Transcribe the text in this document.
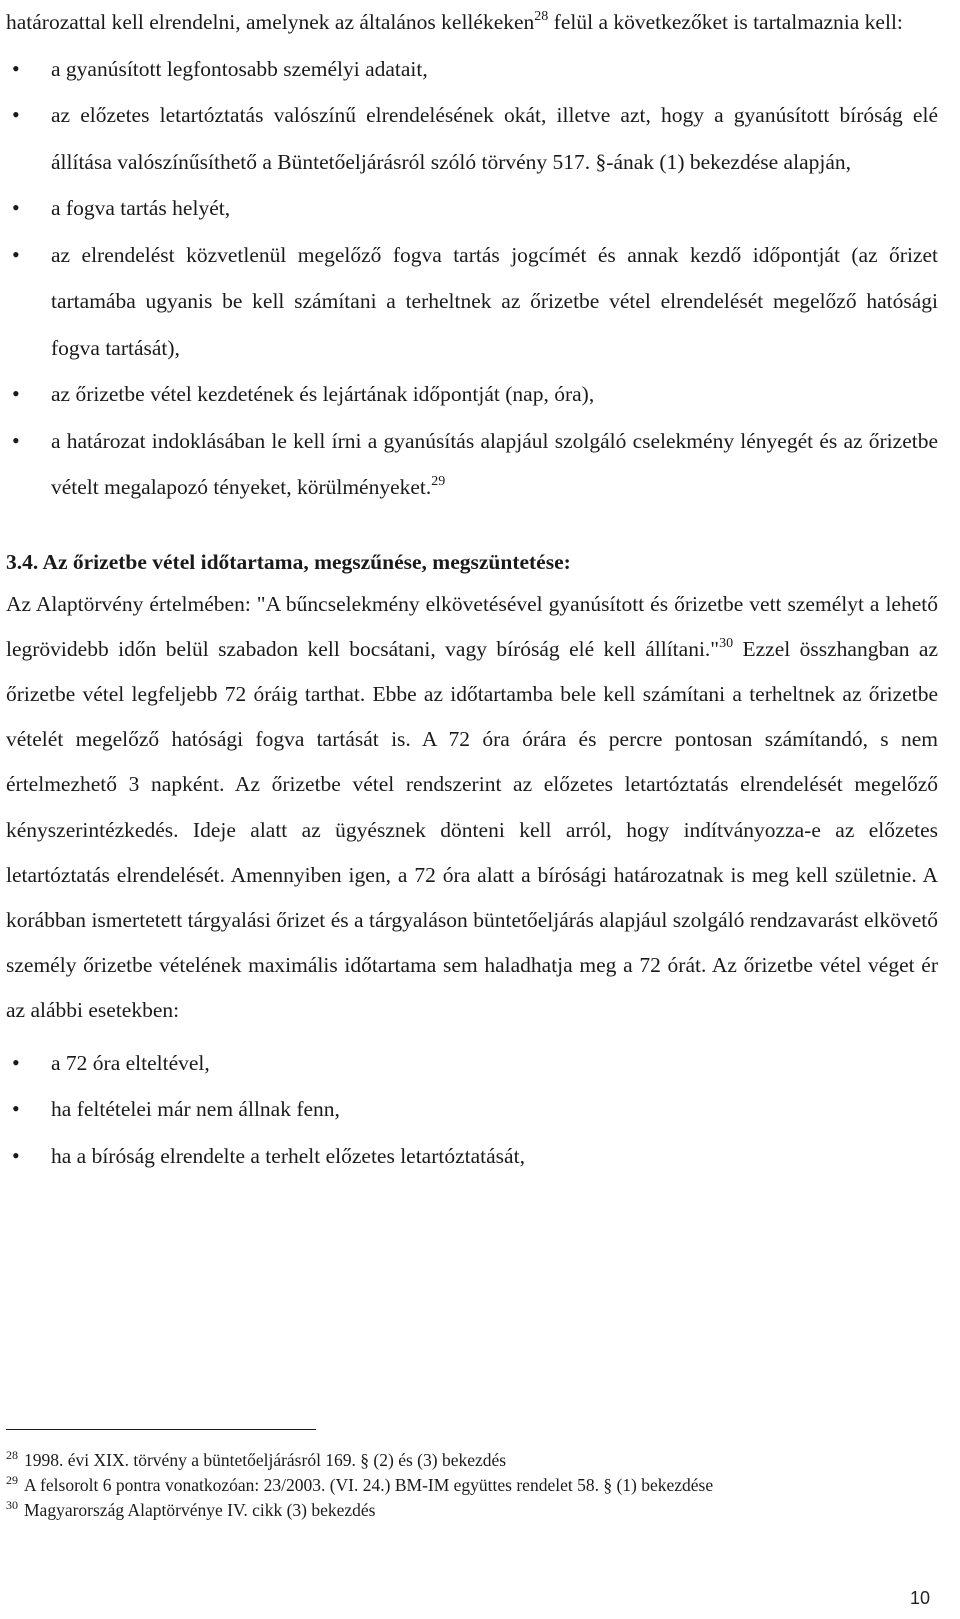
határozattal kell elrendelni, amelynek az általános kellékeken$^{28}$ felül a következőket is tartalmaznia kell:

• a gyanúsított legfontosabb személyi adatait,
• az előzetes letartóztatás valószínű elrendelésének okát, illetve azt, hogy a gyanúsított bíróság elé állítása valószínűsíthető a Büntetőeljárásról szóló törvény 517. §-ának (1) bekezdése alapján,
• a fogva tartás helyét,
• az elrendelést közvetlenül megelőző fogva tartás jogcímét és annak kezdő időpontját (az őrizet tartamába ugyanis be kell számítani a terheltnek az őrizetbe vétel elrendelését megelőző hatósági fogva tartását),
• az őrizetbe vétel kezdetének és lejártának időpontját (nap, óra),
• a határozat indoklásában le kell írni a gyanúsítás alapjául szolgáló cselekmény lényegét és az őrizetbe vételt megalapozó tényeket, körülményeket.$^{29}$

3.4. Az őrizetbe vétel időtartama, megszűnése, megszüntetése:

Az Alaptörvény értelmében: "A bűncselekmény elkövetésével gyanúsított és őrizetbe vett személyt a lehető legrövidebb időn belül szabadon kell bocsátani, vagy bíróság elé kell állítani."$^{30}$ Ezzel összhangban az őrizetbe vétel legfeljebb 72 óráig tarthat. Ebbe az időtartamba bele kell számítani a terheltnek az őrizetbe vételét megelőző hatósági fogva tartását is. A 72 óra órára és percre pontosan számítandó, s nem értelmezhető 3 napként. Az őrizetbe vétel rendszerint az előzetes letartóztatás elrendelését megelőző kényszerintézkedés. Ideje alatt az ügyésznek dönteni kell arról, hogy indítványozza-e az előzetes letartóztatás elrendelését. Amennyiben igen, a 72 óra alatt a bírósági határozatnak is meg kell születnie. A korábban ismertetett tárgyalási őrizet és a tárgyaláson büntetőeljárás alapjául szolgáló rendzavarást elkövető személy őrizetbe vételének maximális időtartama sem haladhatja meg a 72 órát. Az őrizetbe vétel véget ér az alábbi esetekben:

• a 72 óra elteltével,
• ha feltételei már nem állnak fenn,
• ha a bíróság elrendelte a terhelt előzetes letartóztatását,
$^{28}$ 1998. évi XIX. törvény a büntetőeljárásról 169. § (2) és (3) bekezdés
$^{29}$ A felsorolt 6 pontra vonatkozóan: 23/2003. (VI. 24.) BM-IM együttes rendelet 58. § (1) bekezdése
$^{30}$ Magyarország Alaptörvénye IV. cikk (3) bekezdés
10
